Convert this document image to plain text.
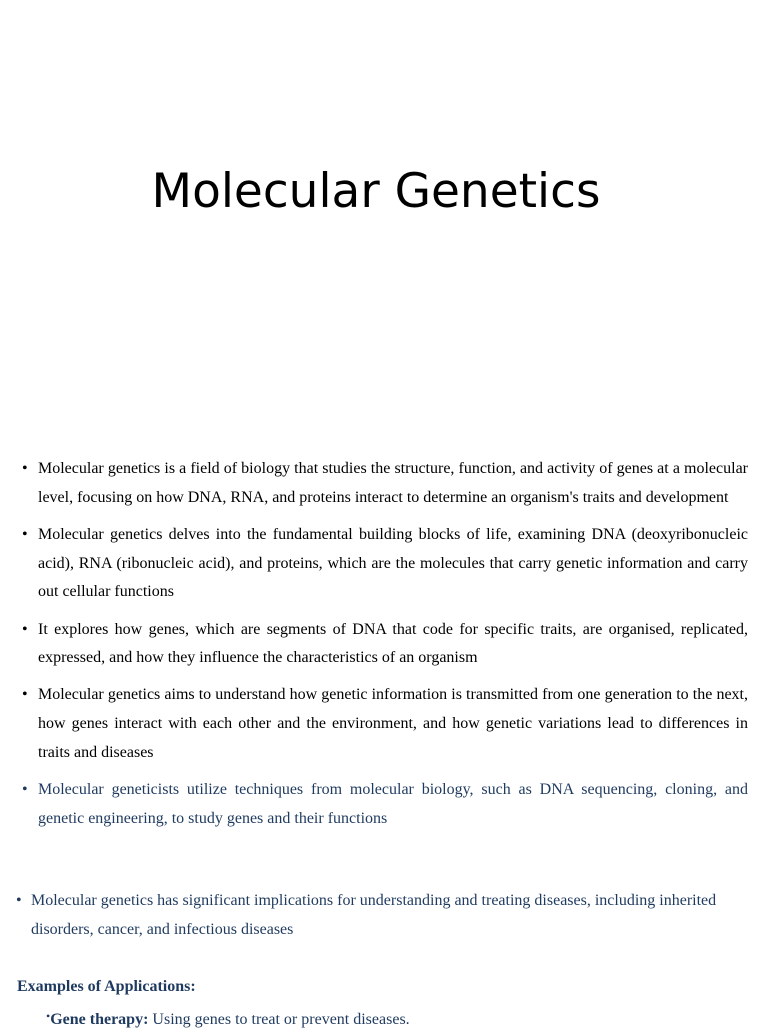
Molecular Genetics
• Molecular genetics is a field of biology that studies the structure, function, and activity of genes at a molecular level, focusing on how DNA, RNA, and proteins interact to determine an organism's traits and development
• Molecular genetics delves into the fundamental building blocks of life, examining DNA (deoxyribonucleic acid), RNA (ribonucleic acid), and proteins, which are the molecules that carry genetic information and carry out cellular functions
• It explores how genes, which are segments of DNA that code for specific traits, are organised, replicated, expressed, and how they influence the characteristics of an organism
• Molecular genetics aims to understand how genetic information is transmitted from one generation to the next, how genes interact with each other and the environment, and how genetic variations lead to differences in traits and diseases
• Molecular geneticists utilize techniques from molecular biology, such as DNA sequencing, cloning, and genetic engineering, to study genes and their functions
• Molecular genetics has significant implications for understanding and treating diseases, including inherited disorders, cancer, and infectious diseases
Examples of Applications:
•Gene therapy: Using genes to treat or prevent diseases.
